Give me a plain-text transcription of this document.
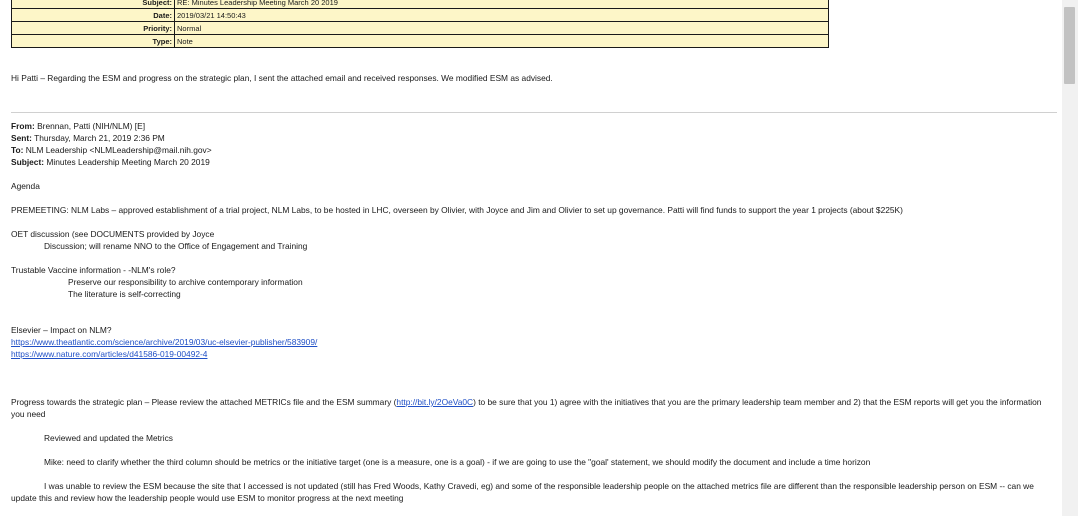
Subject:	RE: Minutes Leadership Meeting March 20 2019
Date:	2019/03/21 14:50:43
Priority:	Normal
Type:	Note

Hi Patti – Regarding the ESM and progress on the strategic plan, I sent the attached email and received responses. We modified ESM as advised.

From: Brennan, Patti (NIH/NLM) [E]

Sent: Thursday, March 21, 2019 2:36 PM

To: NLM Leadership <NLMLeadership@mail.nih.gov>

Subject: Minutes Leadership Meeting March 20 2019

Agenda

PREMEETING: NLM Labs – approved establishment of a trial project, NLM Labs, to be hosted in LHC, overseen by Olivier, with Joyce and Jim and Olivier to set up governance. Patti will find funds to support the year 1 projects (about $225K)

OET discussion (see DOCUMENTS provided by Joyce

Discussion; will rename NNO to the Office of Engagement and Training

Trustable Vaccine information - -NLM's role?

Preserve our responsibility to archive contemporary information

The literature is self-correcting

Elsevier – Impact on NLM?

https://www.theatlantic.com/science/archive/2019/03/uc-elsevier-publisher/583909/

https://www.nature.com/articles/d41586-019-00492-4

Progress towards the strategic plan – Please review the attached METRICs file and the ESM summary (http://bit.ly/2OeVa0C) to be sure that you 1) agree with the initiatives that you are the primary leadership team member and 2) that the ESM reports will get you the information you need

Reviewed and updated the Metrics

Mike: need to clarify whether the third column should be metrics or the initiative target (one is a measure, one is a goal) - if we are going to use the "goal' statement, we should modify the document and include a time horizon

I was unable to review the ESM because the site that I accessed is not updated (still has Fred Woods, Kathy Cravedi, eg) and some of the responsible leadership people on the attached metrics file are different than the responsible leadership person on ESM -- can we update this and review how the leadership people would use ESM to monitor progress at the next meeting
